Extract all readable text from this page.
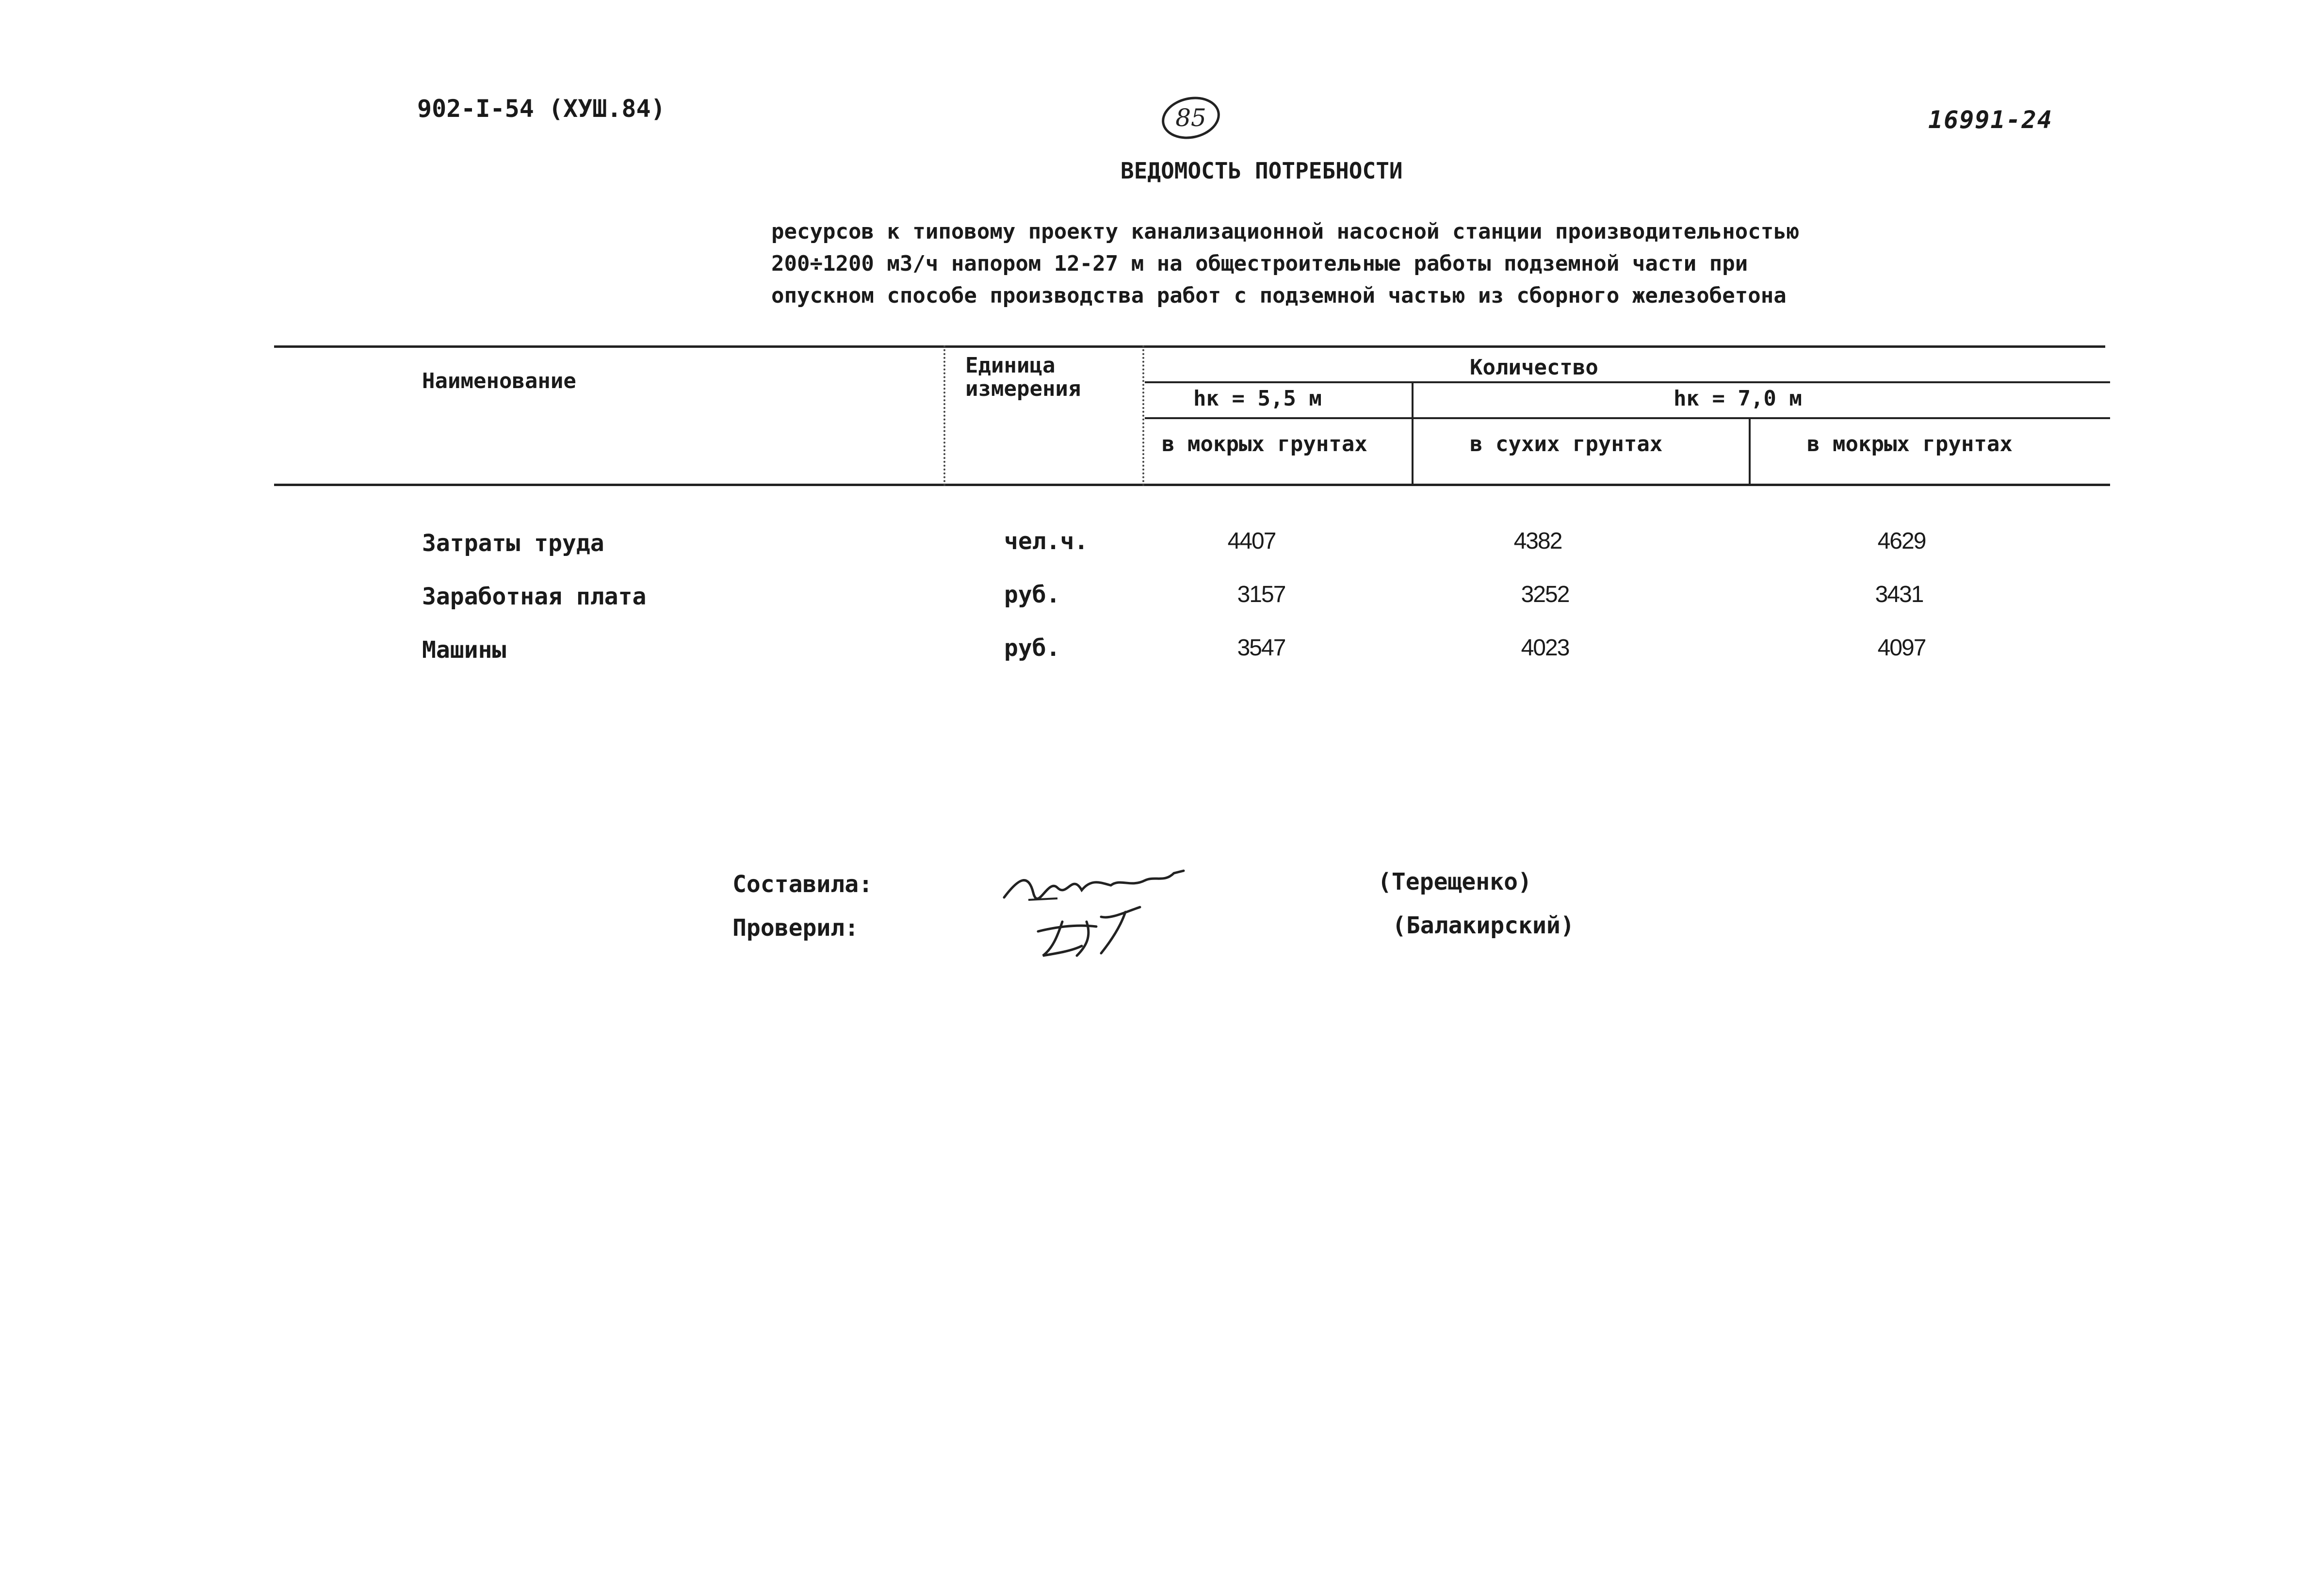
902-I-54 (ХУШ.84)	85	16991-24
ВЕДОМОСТЬ ПОТРЕБНОСТИ
ресурсов к типовому проекту канализационной насосной станции производительностью
200÷1200 м3/ч напором 12-27 м на общестроительные работы подземной части при
опускном способе производства работ с подземной частью из сборного железобетона
Наименование
Единица
измерения
Количество
hк = 5,5 м	hк = 7,0 м
в мокрых грунтах	в сухих грунтах	в мокрых грунтах
Затраты труда	чел.ч.	4407	4382	4629
Заработная плата	руб.	3157	3252	3431
Машины	руб.	3547	4023	4097
Составила:
Проверил:
(Терещенко)
(Балакирский)
